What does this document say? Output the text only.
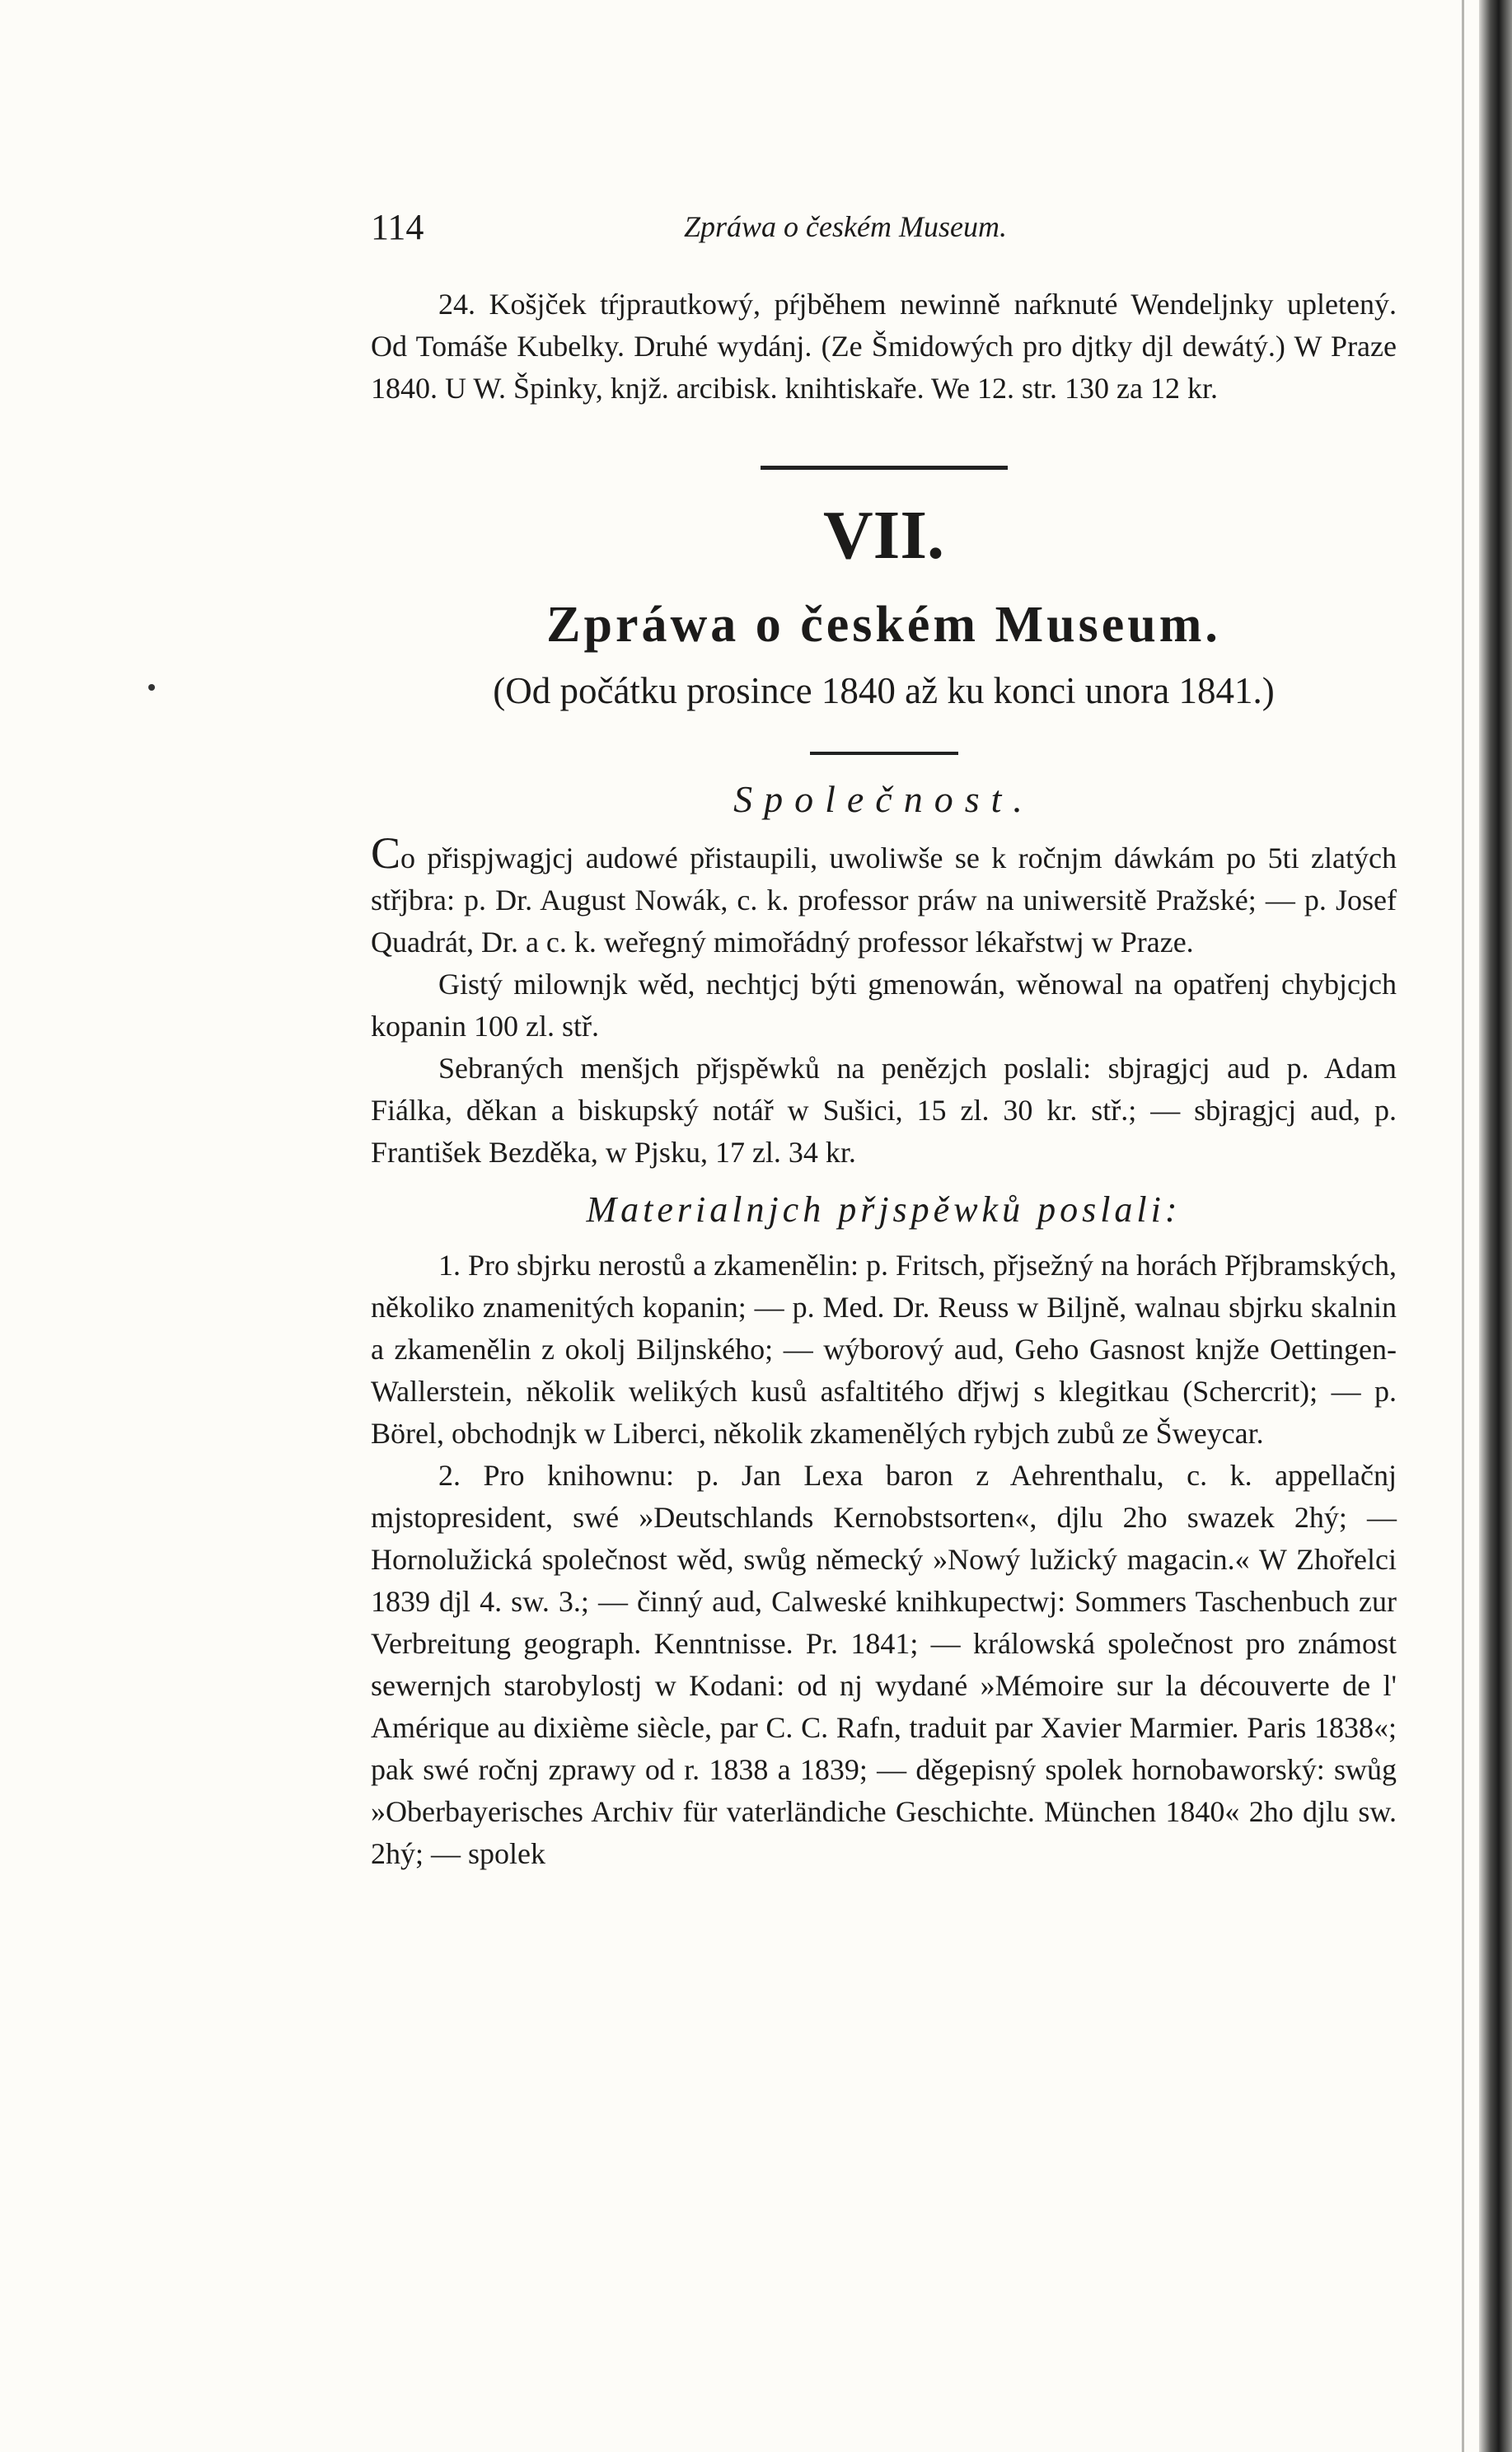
114	Zpráwa o českém Museum.

24. Košjček tŕjprautkowý, pŕjběhem newinně naŕknuté Wendeljnky upletený. Od Tomáše Kubelky. Druhé wydánj. (Ze Šmidowých pro djtky djl dewátý.) W Praze 1840. U W. Špinky, knjž. arcibisk. knihtiskaře. We 12. str. 130 za 12 kr.

VII.
Zpráwa o českém Museum.
(Od počátku prosince 1840 až ku konci unora 1841.)
Společnost.

Co přispjwagjcj audowé přistaupili, uwoliwše se k ročnjm dáwkám po 5ti zlatých střjbra: p. Dr. August Nowák, c. k. professor práw na uniwersitě Pražské; — p. Josef Quadrát, Dr. a c. k. weřegný mimořádný professor lékařstwj w Praze.

Gistý milownjk wěd, nechtjcj býti gmenowán, wěnowal na opatřenj chybjcjch kopanin 100 zl. stř.

Sebraných menšjch přjspěwků na penězjch poslali: sbjragjcj aud p. Adam Fiálka, děkan a biskupský notář w Sušici, 15 zl. 30 kr. stř.; — sbjragjcj aud, p. František Bezděka, w Pjsku, 17 zl. 34 kr.

Materialnjch přjspěwků poslali:

1. Pro sbjrku nerostů a zkamenělin: p. Fritsch, přjsežný na horách Přjbramských, několiko znamenitých kopanin; — p. Med. Dr. Reuss w Biljně, walnau sbjrku skalnin a zkamenělin z okolj Biljnského; — wýborový aud, Geho Gasnost knjže Oettingen-Wallerstein, několik welikých kusů asfaltitého dřjwj s klegitkau (Schercrit); — p. Börel, obchodnjk w Liberci, několik zkamenělých rybjch zubů ze Šweycar.

2. Pro knihownu: p. Jan Lexa baron z Aehrenthalu, c. k. appellačnj mjstopresident, swé »Deutschlands Kernobstsorten«, djlu 2ho swazek 2hý; — Hornolužická společnost wěd, swůg německý »Nowý lužický magacin.« W Zhořelci 1839 djl 4. sw. 3.; — činný aud, Calweské knihkupectwj: Sommers Taschenbuch zur Verbreitung geograph. Kenntnisse. Pr. 1841; — králowská společnost pro známost sewernjch starobylostj w Kodani: od nj wydané »Mémoire sur la découverte de l' Amérique au dixième siècle, par C. C. Rafn, traduit par Xavier Marmier. Paris 1838«; pak swé ročnj zprawy od r. 1838 a 1839; — děgepisný spolek hornobaworský: swůg »Oberbayerisches Archiv für vaterländiche Geschichte. München 1840« 2ho djlu sw. 2hý; — spolek
